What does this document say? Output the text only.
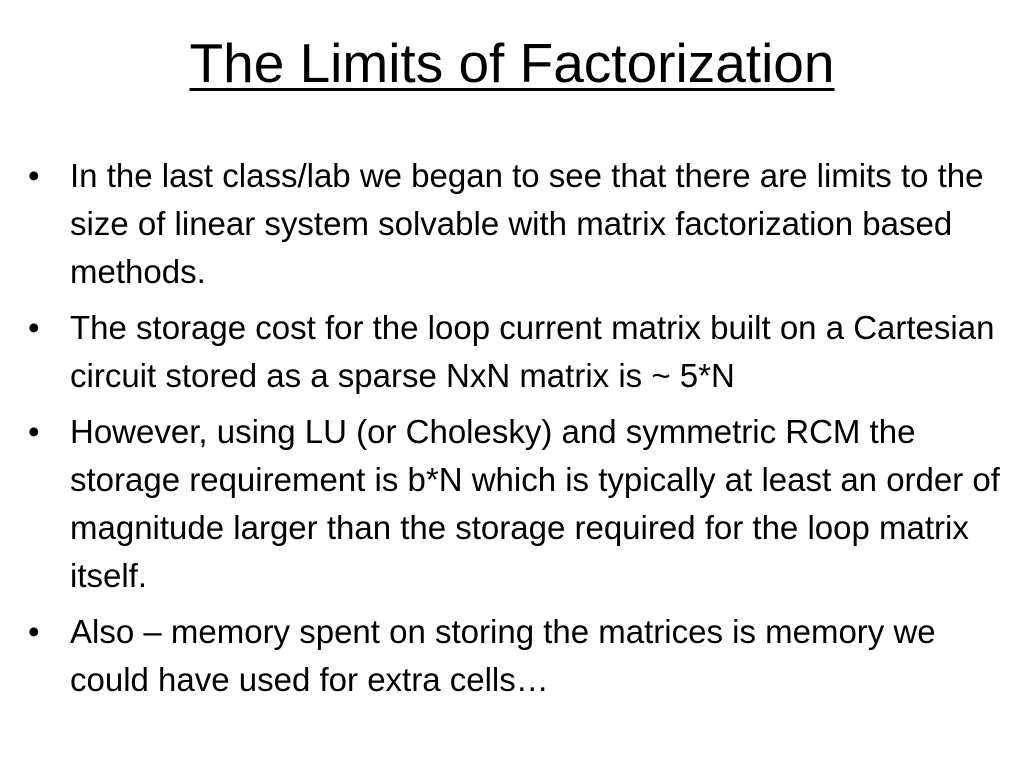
The Limits of Factorization
• In the last class/lab we began to see that there are limits to the size of linear system solvable with matrix factorization based methods.
• The storage cost for the loop current matrix built on a Cartesian circuit stored as a sparse NxN matrix is ~ 5*N
• However, using LU (or Cholesky) and symmetric RCM the storage requirement is b*N which is typically at least an order of magnitude larger than the storage required for the loop matrix itself.
• Also – memory spent on storing the matrices is memory we could have used for extra cells…
